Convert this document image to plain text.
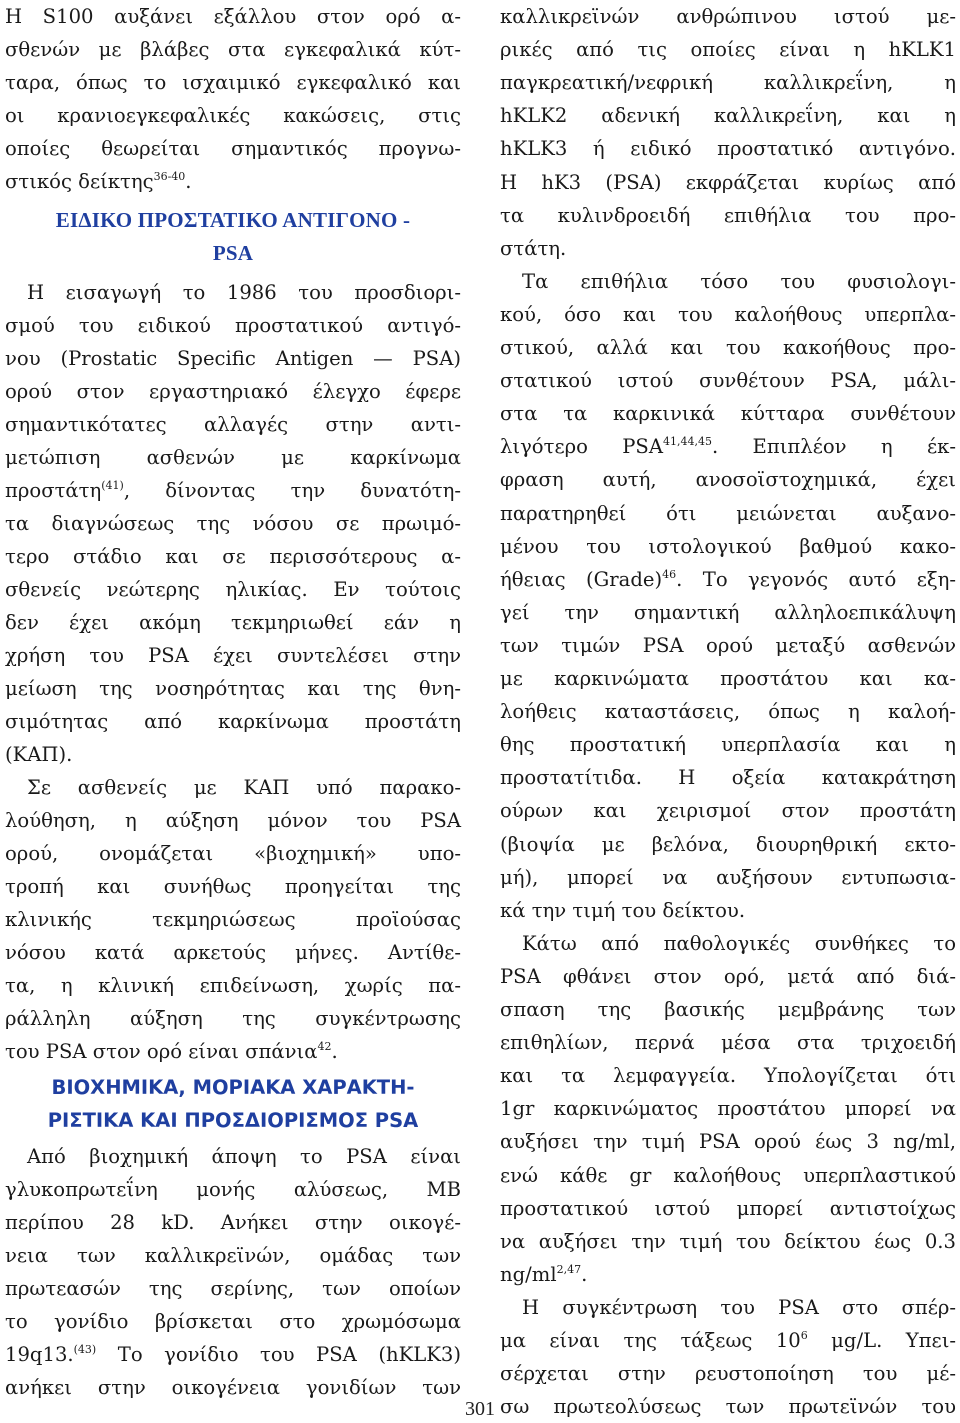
Η S100 αυξάνει εξάλλου στον ορό α-
σθενών με βλάβες στα εγκεφαλικά κύτ-
ταρα, όπως το ισχαιμικό εγκεφαλικό και
οι κρανιοεγκεφαλικές κακώσεις, στις
οποίες θεωρείται σημαντικός προγνω-
στικός δείκτης$^{36-40}$.
ΕΙΔΙΚΟ ΠΡΟΣΤΑΤΙΚΟ ΑΝΤΙΓΟΝΟ -
PSA
Η εισαγωγή το 1986 του προσδιορι-
σμού του ειδικού προστατικού αντιγό-
νου (Prostatic Specific Antigen — PSA)
ορού στον εργαστηριακό έλεγχο έφερε
σημαντικότατες αλλαγές στην αντι-
μετώπιση ασθενών με καρκίνωμα
προστάτη$^{(41)}$, δίνοντας την δυνατότη-
τα διαγνώσεως της νόσου σε πρωιμό-
τερο στάδιο και σε περισσότερους α-
σθενείς νεώτερης ηλικίας. Εν τούτοις
δεν έχει ακόμη τεκμηριωθεί εάν η
χρήση του PSA έχει συντελέσει στην
μείωση της νοσηρότητας και της θνη-
σιμότητας από καρκίνωμα προστάτη
(ΚΑΠ).
Σε ασθενείς με ΚΑΠ υπό παρακο-
λούθηση, η αύξηση μόνον του PSA
ορού, ονομάζεται «βιοχημική» υπο-
τροπή και συνήθως προηγείται της
κλινικής τεκμηριώσεως προϊούσας
νόσου κατά αρκετούς μήνες. Αντίθε-
τα, η κλινική επιδείνωση, χωρίς πα-
ράλληλη αύξηση της συγκέντρωσης
του PSA στον ορό είναι σπάνια$^{42}$.
ΒΙΟΧΗΜΙΚΑ, ΜΟΡΙΑΚΑ ΧΑΡΑΚΤΗ-
ΡΙΣΤΙΚΑ ΚΑΙ ΠΡΟΣΔΙΟΡΙΣΜΟΣ PSA
Από βιοχημική άποψη το PSA είναι
γλυκοπρωτεΐνη μονής αλύσεως, MB
περίπου 28 kD. Ανήκει στην οικογέ-
νεια των καλλικρεϊνών, ομάδας των
πρωτεασών της σερίνης, των οποίων
το γονίδιο βρίσκεται στο χρωμόσωμα
19q13.$^{(43)}$ Το γονίδιο του PSA (hKLK3)
ανήκει στην οικογένεια γονιδίων των
καλλικρεϊνών ανθρώπινου ιστού με-
ρικές από τις οποίες είναι η hKLK1
παγκρεατική/νεφρική καλλικρεΐνη, η
hKLK2 αδενική καλλικρεΐνη, και η
hKLK3 ή ειδικό προστατικό αντιγόνο.
Η hK3 (PSA) εκφράζεται κυρίως από
τα κυλινδροειδή επιθήλια του προ-
στάτη.
Τα επιθήλια τόσο του φυσιολογι-
κού, όσο και του καλοήθους υπερπλα-
στικού, αλλά και του κακοήθους προ-
στατικού ιστού συνθέτουν PSA, μάλι-
στα τα καρκινικά κύτταρα συνθέτουν
λιγότερο PSA$^{41,44,45}$. Επιπλέον η έκ-
φραση αυτή, ανοσοϊστοχημικά, έχει
παρατηρηθεί ότι μειώνεται αυξανο-
μένου του ιστολογικού βαθμού κακο-
ήθειας (Grade)$^{46}$. Το γεγονός αυτό εξη-
γεί την σημαντική αλληλοεπικάλυψη
των τιμών PSA ορού μεταξύ ασθενών
με καρκινώματα προστάτου και κα-
λοήθεις καταστάσεις, όπως η καλοή-
θης προστατική υπερπλασία και η
προστατίτιδα. Η οξεία κατακράτηση
ούρων και χειρισμοί στον προστάτη
(βιοψία με βελόνα, διουρηθρική εκτο-
μή), μπορεί να αυξήσουν εντυπωσια-
κά την τιμή του δείκτου.
Κάτω από παθολογικές συνθήκες το
PSA φθάνει στον ορό, μετά από διά-
σπαση της βασικής μεμβράνης των
επιθηλίων, περνά μέσα στα τριχοειδή
και τα λεμφαγγεία. Υπολογίζεται ότι
1gr καρκινώματος προστάτου μπορεί να
αυξήσει την τιμή PSA ορού έως 3 ng/ml,
ενώ κάθε gr καλοήθους υπερπλαστικού
προστατικού ιστού μπορεί αντιστοίχως
να αυξήσει την τιμή του δείκτου έως 0.3
ng/ml$^{2,47}$.
Η συγκέντρωση του PSA στο σπέρ-
μα είναι της τάξεως $10^6$ μg/L. Υπει-
σέρχεται στην ρευστοποίηση του μέ-
σω πρωτεολύσεως των πρωτεϊνών του
301
